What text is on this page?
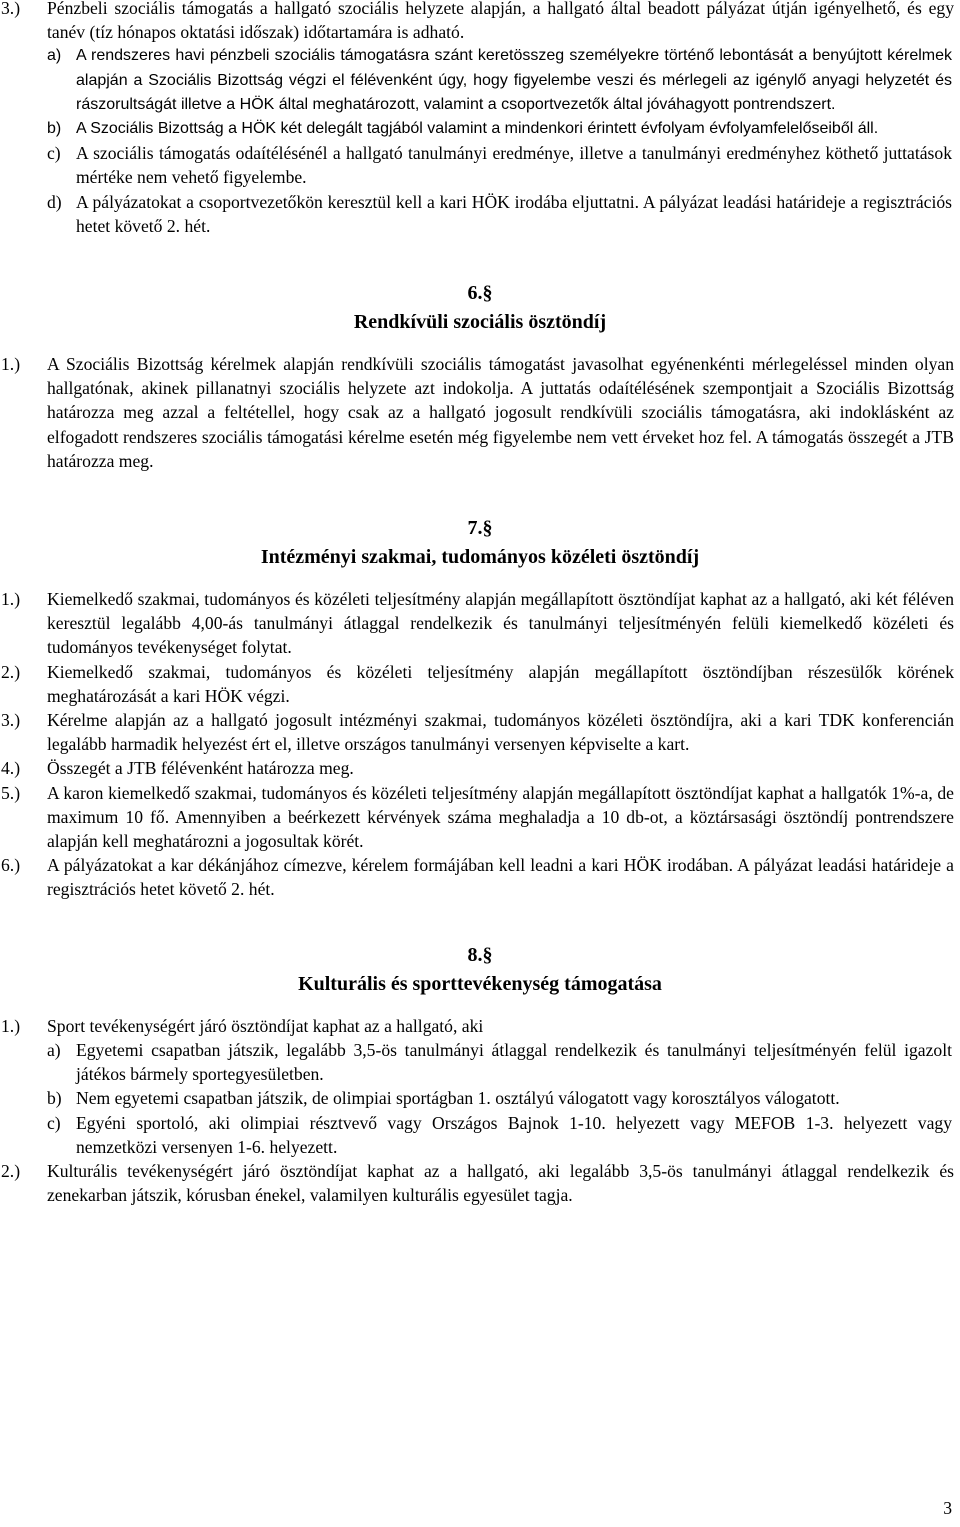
3.) Pénzbeli szociális támogatás a hallgató szociális helyzete alapján, a hallgató által beadott pályázat útján igényelhető, és egy tanév (tíz hónapos oktatási időszak) időtartamára is adható.
a) A rendszeres havi pénzbeli szociális támogatásra szánt keretösszeg személyekre történő lebontását a benyújtott kérelmek alapján a Szociális Bizottság végzi el félévenként úgy, hogy figyelembe veszi és mérlegeli az igénylő anyagi helyzetét és rászorultságát illetve a HÖK által meghatározott, valamint a csoportvezetők által jóváhagyott pontrendszert.
b) A Szociális Bizottság a HÖK két delegált tagjából valamint a mindenkori érintett évfolyam évfolyamfelelőseiből áll.
c) A szociális támogatás odaítélésénél a hallgató tanulmányi eredménye, illetve a tanulmányi eredményhez köthető juttatások mértéke nem vehető figyelembe.
d) A pályázatokat a csoportvezetőkön keresztül kell a kari HÖK irodába eljuttatni. A pályázat leadási határideje a regisztrációs hetet követő 2. hét.
6.§
Rendkívüli szociális ösztöndíj
1.) A Szociális Bizottság kérelmek alapján rendkívüli szociális támogatást javasolhat egyénenkénti mérlegeléssel minden olyan hallgatónak, akinek pillanatnyi szociális helyzete azt indokolja. A juttatás odaítélésének szempontjait a Szociális Bizottság határozza meg azzal a feltétellel, hogy csak az a hallgató jogosult rendkívüli szociális támogatásra, aki indoklásként az elfogadott rendszeres szociális támogatási kérelme esetén még figyelembe nem vett érveket hoz fel. A támogatás összegét a JTB határozza meg.
7.§
Intézményi szakmai, tudományos közéleti ösztöndíj
1.) Kiemelkedő szakmai, tudományos és közéleti teljesítmény alapján megállapított ösztöndíjat kaphat az a hallgató, aki két féléven keresztül legalább 4,00-ás tanulmányi átlaggal rendelkezik és tanulmányi teljesítményén felüli kiemelkedő közéleti és tudományos tevékenységet folytat.
2.) Kiemelkedő szakmai, tudományos és közéleti teljesítmény alapján megállapított ösztöndíjban részesülők körének meghatározását a kari HÖK végzi.
3.) Kérelme alapján az a hallgató jogosult intézményi szakmai, tudományos közéleti ösztöndíjra, aki a kari TDK konferencián legalább harmadik helyezést ért el, illetve országos tanulmányi versenyen képviselte a kart.
4.) Összegét a JTB félévenként határozza meg.
5.) A karon kiemelkedő szakmai, tudományos és közéleti teljesítmény alapján megállapított ösztöndíjat kaphat a hallgatók 1%-a, de maximum 10 fő. Amennyiben a beérkezett kérvények száma meghaladja a 10 db-ot, a köztársasági ösztöndíj pontrendszere alapján kell meghatározni a jogosultak körét.
6.) A pályázatokat a kar dékánjához címezve, kérelem formájában kell leadni a kari HÖK irodában. A pályázat leadási határideje a regisztrációs hetet követő 2. hét.
8.§
Kulturális és sporttevékenység támogatása
1.) Sport tevékenységért járó ösztöndíjat kaphat az a hallgató, aki
a) Egyetemi csapatban játszik, legalább 3,5-ös tanulmányi átlaggal rendelkezik és tanulmányi teljesítményén felül igazolt játékos bármely sportegyesületben.
b) Nem egyetemi csapatban játszik, de olimpiai sportágban 1. osztályú válogatott vagy korosztályos válogatott.
c) Egyéni sportoló, aki olimpiai résztvevő vagy Országos Bajnok 1-10. helyezett vagy MEFOB 1-3. helyezett vagy nemzetközi versenyen 1-6. helyezett.
2.) Kulturális tevékenységért járó ösztöndíjat kaphat az a hallgató, aki legalább 3,5-ös tanulmányi átlaggal rendelkezik és zenekarban játszik, kórusban énekel, valamilyen kulturális egyesület tagja.
3
